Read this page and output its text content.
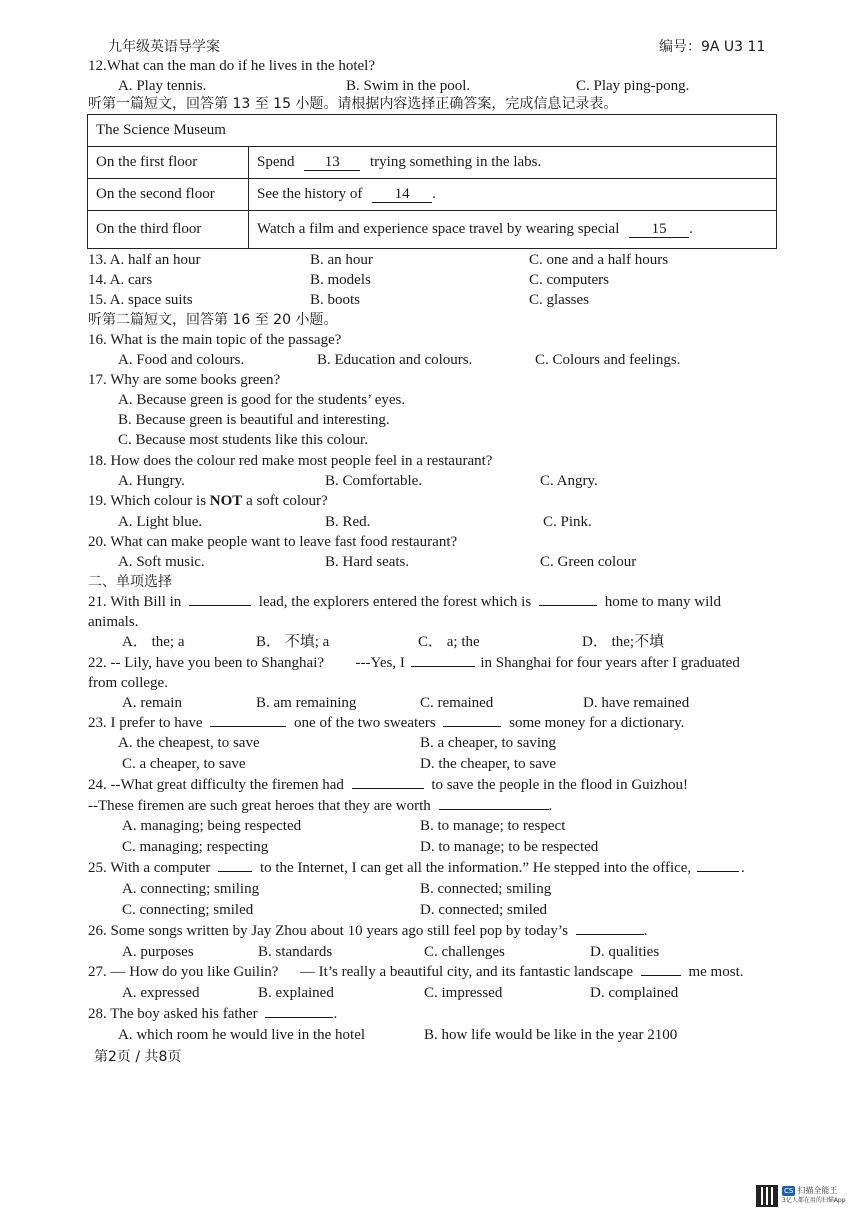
九年级英语导学案	编号：9A U3 11
12.What can the man do if he lives in the hotel?
A. Play tennis.	B. Swim in the pool.	C. Play ping-pong.
听第一篇短文，回答第 13 至 15 小题。请根据内容选择正确答案，完成信息记录表。
The Science Museum	
On the first floor	Spend 13 trying something in the labs.
On the second floor	See the history of 14 .
On the third floor	Watch a film and experience space travel by wearing special 15 .
13. A. half an hour	B. an hour	C. one and a half hours
14. A. cars	B. models	C. computers
15. A. space suits	B. boots	C. glasses
听第二篇短文，回答第 16 至 20 小题。
16. What is the main topic of the passage?
A. Food and colours.	B. Education and colours.	C. Colours and feelings.
17. Why are some books green?
A. Because green is good for the students’ eyes.
B. Because green is beautiful and interesting.
C. Because most students like this colour.
18. How does the colour red make most people feel in a restaurant?
A. Hungry.	B. Comfortable.	C. Angry.
19. Which colour is NOT a soft colour?
A. Light blue.	B. Red.	C. Pink.
20. What can make people want to leave fast food restaurant?
A. Soft music.	B. Hard seats.	C. Green colour
二、单项选择
21. With Bill in	lead, the explorers entered the forest which is	home to many wild
animals.
A． the; a	B． 不填; a	C． a; the	D． the;不填
22. -- Lily, have you been to Shanghai? ---Yes, I	in Shanghai for four years after I graduated
from college.
A. remain	B. am remaining	C. remained	D. have remained
23. I prefer to have	one of the two sweaters	some money for a dictionary.
A. the cheapest, to save	B. a cheaper, to saving
C. a cheaper, to save	D. the cheaper, to save
24. --What great difficulty the firemen had	to save the people in the flood in Guizhou!
--These firemen are such great heroes that they are worth	.
A. managing; being respected	B. to manage; to respect
C. managing; respecting	D. to manage; to be respected
25. With a computer	to the Internet, I can get all the information.” He stepped into the office,	.
A. connecting; smiling	B. connected; smiling
C. connecting; smiled	D. connected; smiled
26. Some songs written by Jay Zhou about 10 years ago still feel pop by today’s	.
A. purposes	B. standards	C. challenges	D. qualities
27. — How do you like Guilin? — It’s really a beautiful city, and its fantastic landscape	me most.
A. expressed	B. explained	C. impressed	D. complained
28. The boy asked his father	.
A. which room he would live in the hotel	B. how life would be like in the year 2100
第2页 / 共8页
CS 扫描全能王
3亿人都在用的扫描App
